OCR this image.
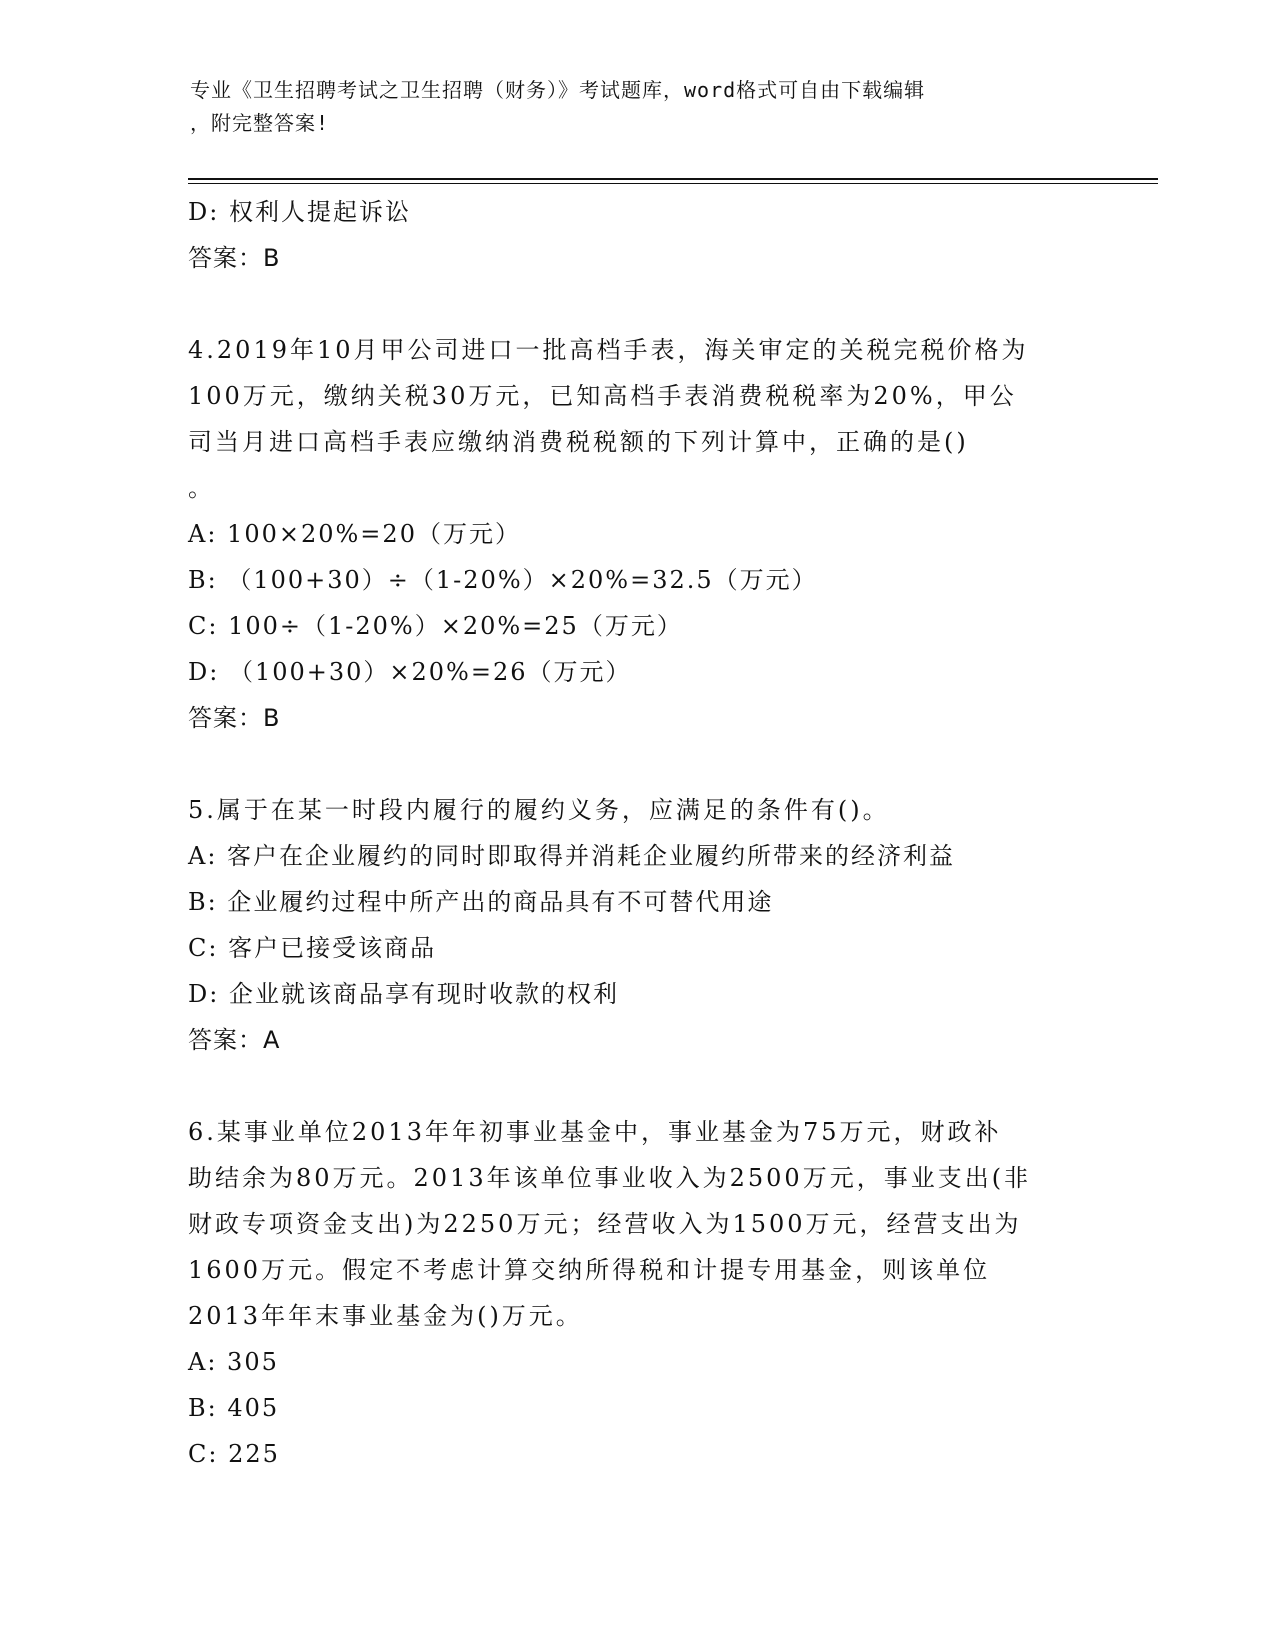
专业《卫生招聘考试之卫生招聘（财务）》考试题库，word格式可自由下载编辑
，附完整答案!
D: 权利人提起诉讼
答案：B
4.2019年10月甲公司进口一批高档手表，海关审定的关税完税价格为
100万元，缴纳关税30万元，已知高档手表消费税税率为20%，甲公
司当月进口高档手表应缴纳消费税税额的下列计算中，正确的是()
。
A: 100×20%=20（万元）
B: （100+30）÷（1-20%）×20%=32.5（万元）
C: 100÷（1-20%）×20%=25（万元）
D: （100+30）×20%=26（万元）
答案：B
5.属于在某一时段内履行的履约义务，应满足的条件有()。
A: 客户在企业履约的同时即取得并消耗企业履约所带来的经济利益
B: 企业履约过程中所产出的商品具有不可替代用途
C: 客户已接受该商品
D: 企业就该商品享有现时收款的权利
答案：A
6.某事业单位2013年年初事业基金中，事业基金为75万元，财政补
助结余为80万元。2013年该单位事业收入为2500万元，事业支出(非
财政专项资金支出)为2250万元；经营收入为1500万元，经营支出为
1600万元。假定不考虑计算交纳所得税和计提专用基金，则该单位
2013年年末事业基金为()万元。
A: 305
B: 405
C: 225
